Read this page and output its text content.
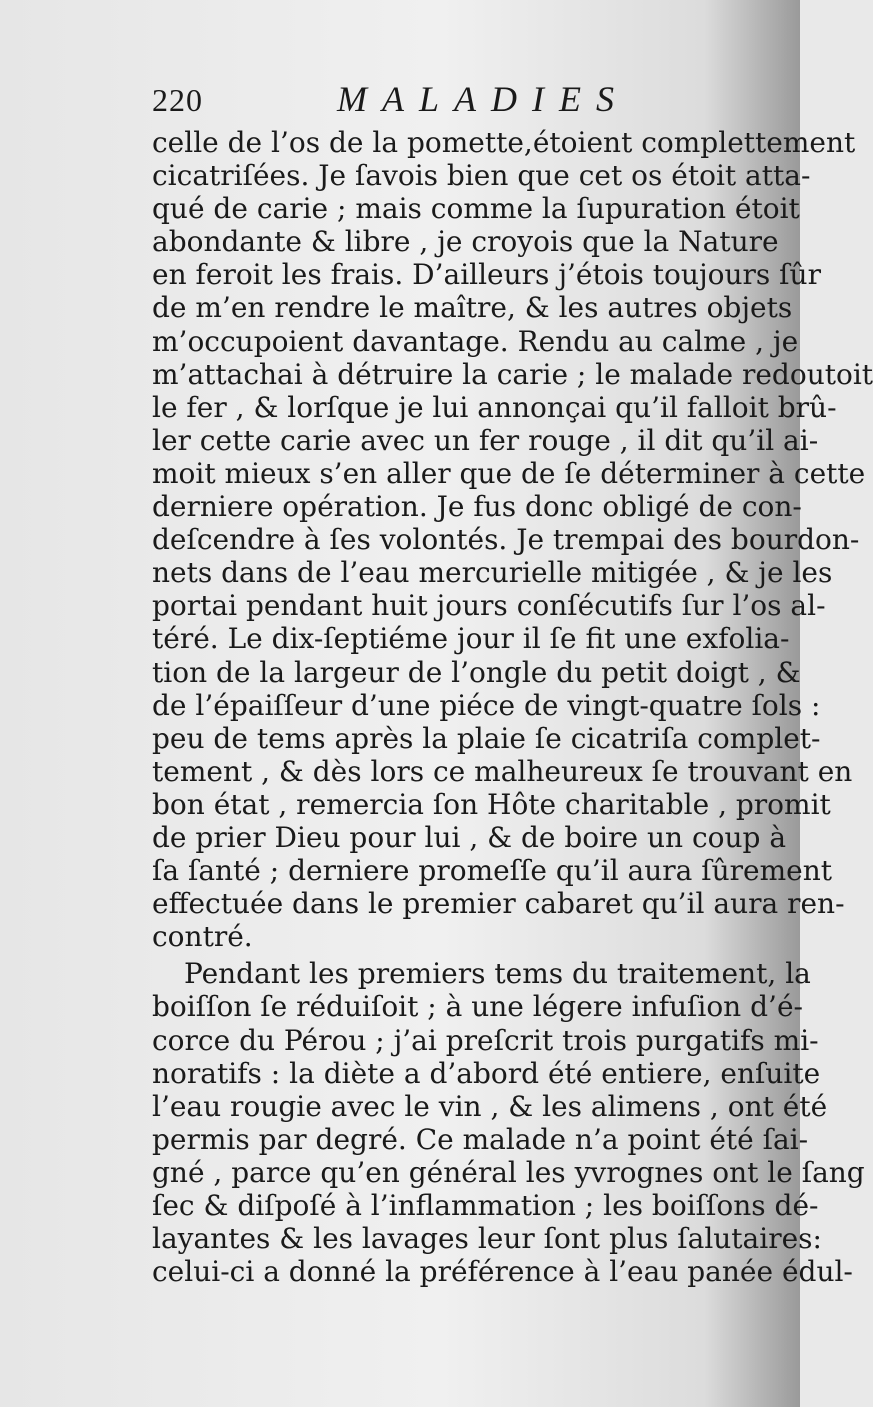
220	MALADIES
celle de l’os de la pomette,étoient complettement
cicatriſées. Je ſavois bien que cet os étoit atta-
qué de carie ; mais comme la ſupuration étoit
abondante & libre , je croyois que la Nature
en feroit les frais. D’ailleurs j’étois toujours ſûr
de m’en rendre le maître, & les autres objets
m’occupoient davantage. Rendu au calme , je
m’attachai à détruire la carie ; le malade redoutoit
le fer , & lorſque je lui annonçai qu’il falloit brû-
ler cette carie avec un fer rouge , il dit qu’il ai-
moit mieux s’en aller que de ſe déterminer à cette
derniere opération. Je fus donc obligé de con-
deſcendre à ſes volontés. Je trempai des bourdon-
nets dans de l’eau mercurielle mitigée , & je les
portai pendant huit jours conſécutifs ſur l’os al-
téré. Le dix-ſeptiéme jour il ſe fit une exfolia-
tion de la largeur de l’ongle du petit doigt , &
de l’épaiſſeur d’une piéce de vingt-quatre ſols :
peu de tems après la plaie ſe cicatriſa complet-
tement , & dès lors ce malheureux ſe trouvant en
bon état , remercia ſon Hôte charitable , promit
de prier Dieu pour lui , & de boire un coup à
ſa ſanté ; derniere promeſſe qu’il aura ſûrement
effectuée dans le premier cabaret qu’il aura ren-
contré.
Pendant les premiers tems du traitement, la
boiſſon ſe réduiſoit ; à une légere infuſion d’é-
corce du Pérou ; j’ai preſcrit trois purgatifs mi-
noratifs : la diète a d’abord été entiere, enſuite
l’eau rougie avec le vin , & les alimens , ont été
permis par degré. Ce malade n’a point été ſai-
gné , parce qu’en général les yvrognes ont le ſang
ſec & diſpoſé à l’inflammation ; les boiſſons dé-
layantes & les lavages leur ſont plus ſalutaires:
celui-ci a donné la préférence à l’eau panée édul-
